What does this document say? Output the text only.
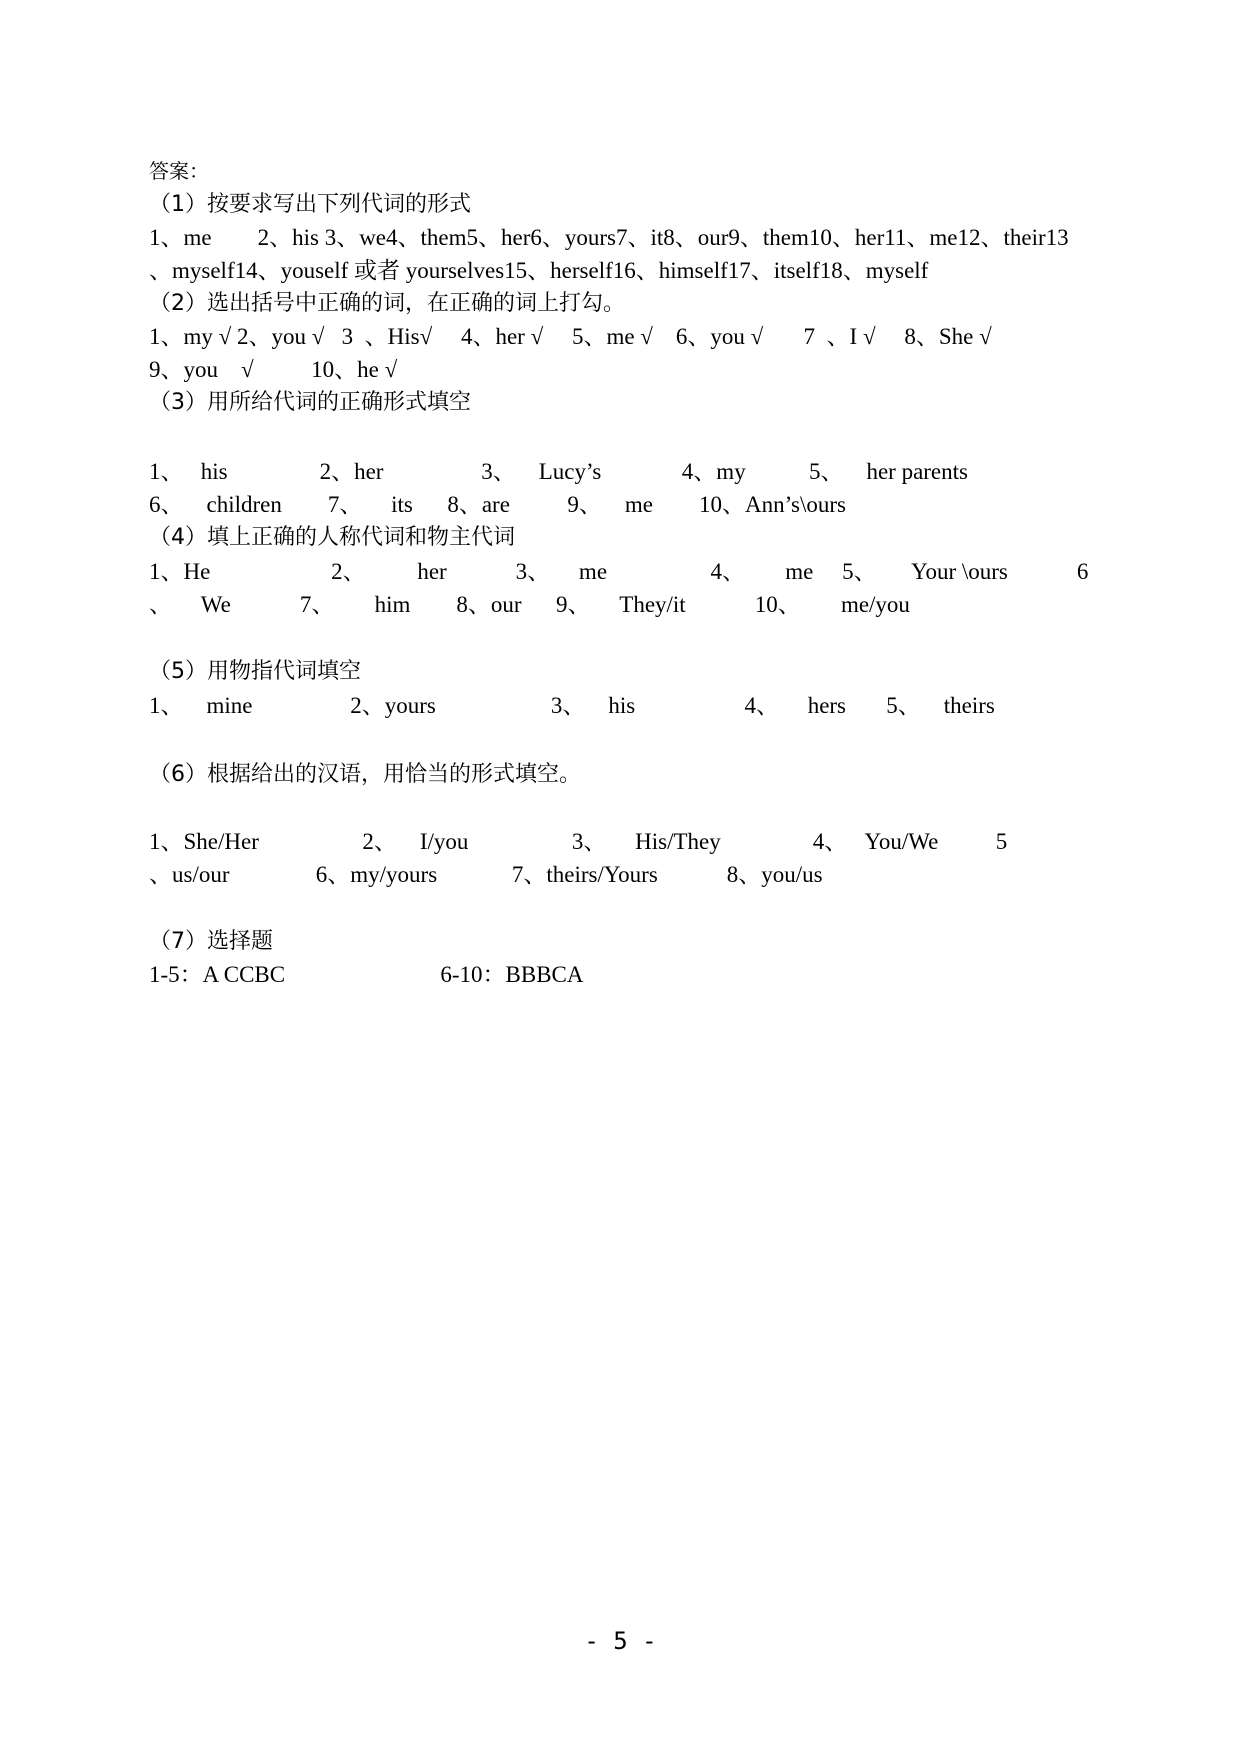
答案：
（1）按要求写出下列代词的形式
1、me        2、his 3、we4、them5、her6、yours7、it8、our9、them10、her11、me12、their13
、myself14、youself 或者 yourselves15、herself16、himself17、itself18、myself
（2）选出括号中正确的词，在正确的词上打勾。
1、my √ 2、you √   3  、His√     4、her √     5、me √    6、you √       7  、I √     8、She √
9、you    √          10、he √
（3）用所给代词的正确形式填空
1、   his                2、her                 3、    Lucy’s              4、my           5、    her parents
6、    children        7、     its      8、are          9、    me        10、Ann’s\ours
（4）填上正确的人称代词和物主代词
1、He                     2、         her            3、     me                  4、       me     5、      Your \ours            6
、     We            7、       him        8、our      9、     They/it            10、       me/you
（5）用物指代词填空
1、    mine                 2、yours                    3、    his                   4、     hers       5、    theirs
（6）根据给出的汉语，用恰当的形式填空。
1、She/Her                  2、    I/you                  3、     His/They                4、   You/We          5
、us/our               6、my/yours             7、theirs/Yours            8、you/us
（7）选择题
1-5：A CCBC                           6-10：BBBCA
- 5 -
